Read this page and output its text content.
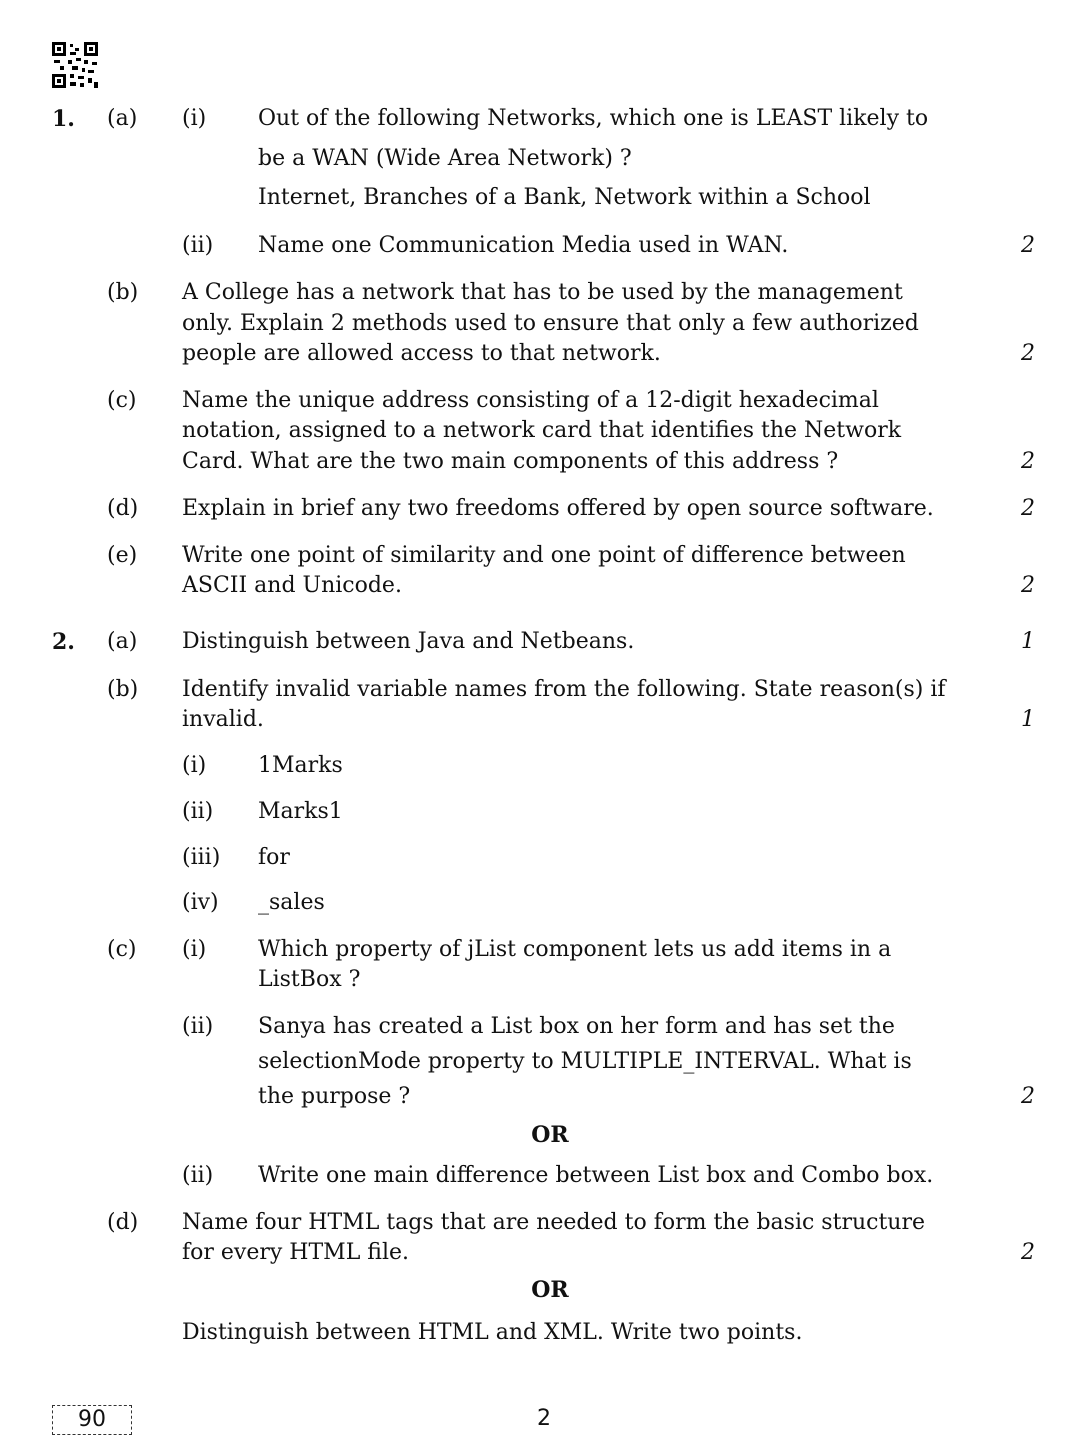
1. (a) (i) Out of the following Networks, which one is LEAST likely to
be a WAN (Wide Area Network) ?
Internet, Branches of a Bank, Network within a School
(ii) Name one Communication Media used in WAN.	2
(b) A College has a network that has to be used by the management
only. Explain 2 methods used to ensure that only a few authorized
people are allowed access to that network.	2
(c) Name the unique address consisting of a 12-digit hexadecimal
notation, assigned to a network card that identifies the Network
Card. What are the two main components of this address ?	2
(d) Explain in brief any two freedoms offered by open source software.	2
(e) Write one point of similarity and one point of difference between
ASCII and Unicode.	2
2. (a) Distinguish between Java and Netbeans.	1
(b) Identify invalid variable names from the following. State reason(s) if
invalid.	1
(i) 1Marks
(ii) Marks1
(iii) for
(iv) _sales
(c) (i) Which property of jList component lets us add items in a
ListBox ?
(ii) Sanya has created a List box on her form and has set the
selectionMode property to MULTIPLE_INTERVAL. What is
the purpose ?	2
OR
(ii) Write one main difference between List box and Combo box.
(d) Name four HTML tags that are needed to form the basic structure
for every HTML file.	2
OR
Distinguish between HTML and XML. Write two points.
90	2
